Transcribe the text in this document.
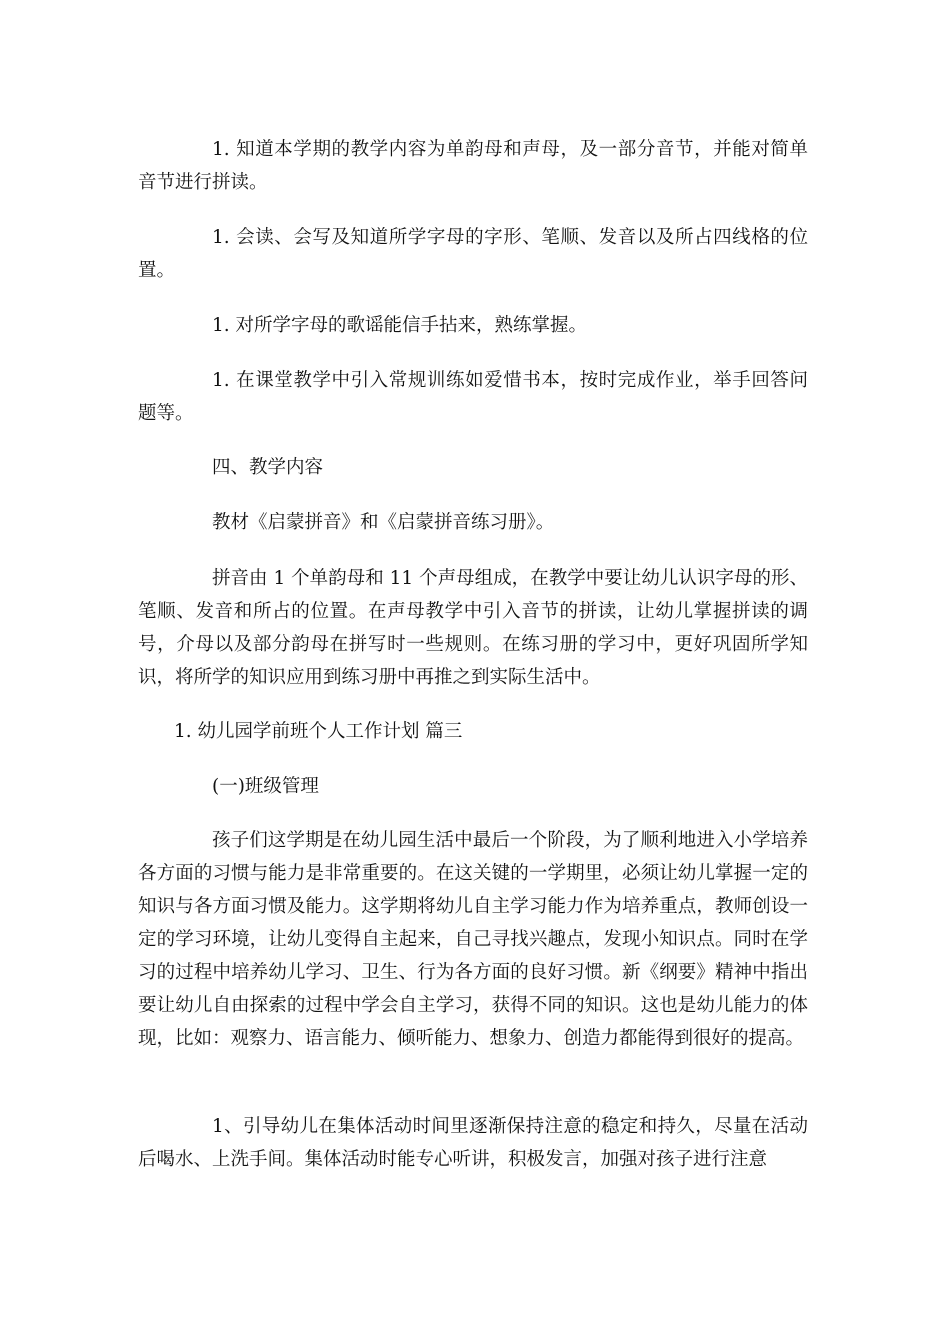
1. 知道本学期的教学内容为单韵母和声母，及一部分音节，并能对简单音节进行拼读。

1. 会读、会写及知道所学字母的字形、笔顺、发音以及所占四线格的位置。

1. 对所学字母的歌谣能信手拈来，熟练掌握。

1. 在课堂教学中引入常规训练如爱惜书本，按时完成作业，举手回答问题等。

四、教学内容

教材《启蒙拼音》和《启蒙拼音练习册》。

拼音由 1 个单韵母和 11 个声母组成，在教学中要让幼儿认识字母的形、笔顺、发音和所占的位置。在声母教学中引入音节的拼读，让幼儿掌握拼读的调号，介母以及部分韵母在拼写时一些规则。在练习册的学习中，更好巩固所学知识，将所学的知识应用到练习册中再推之到实际生活中。

1. 幼儿园学前班个人工作计划 篇三

(一)班级管理

孩子们这学期是在幼儿园生活中最后一个阶段，为了顺利地进入小学培养各方面的习惯与能力是非常重要的。在这关键的一学期里，必须让幼儿掌握一定的知识与各方面习惯及能力。这学期将幼儿自主学习能力作为培养重点，教师创设一定的学习环境，让幼儿变得自主起来，自己寻找兴趣点，发现小知识点。同时在学习的过程中培养幼儿学习、卫生、行为各方面的良好习惯。新《纲要》精神中指出要让幼儿自由探索的过程中学会自主学习，获得不同的知识。这也是幼儿能力的体现，比如：观察力、语言能力、倾听能力、想象力、创造力都能得到很好的提高。

1、引导幼儿在集体活动时间里逐渐保持注意的稳定和持久，尽量在活动后喝水、上洗手间。集体活动时能专心听讲，积极发言，加强对孩子进行注意
